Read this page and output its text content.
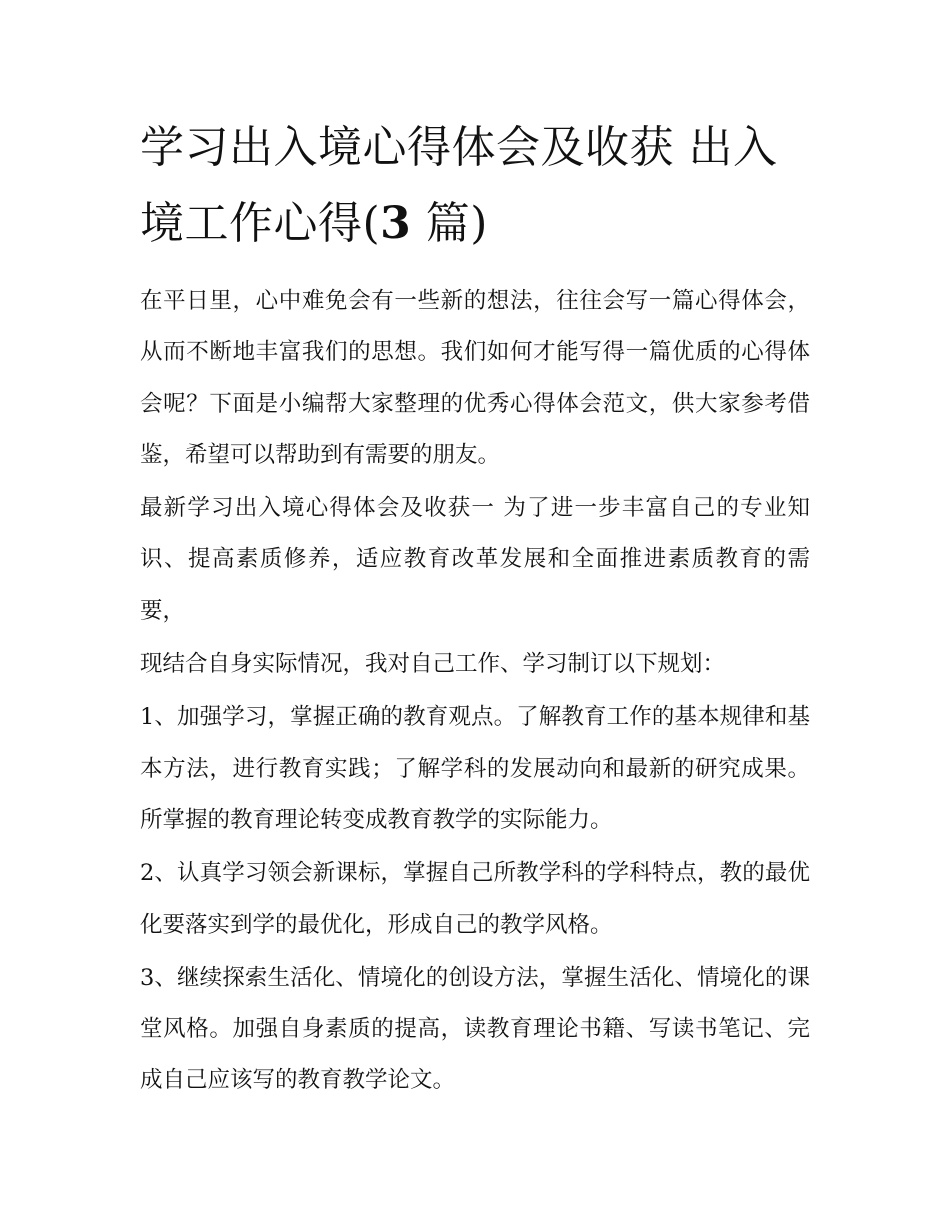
学习出入境心得体会及收获 出入境工作心得(3 篇)

在平日里，心中难免会有一些新的想法，往往会写一篇心得体会，从而不断地丰富我们的思想。我们如何才能写得一篇优质的心得体会呢？下面是小编帮大家整理的优秀心得体会范文，供大家参考借鉴，希望可以帮助到有需要的朋友。

最新学习出入境心得体会及收获一 为了进一步丰富自己的专业知识、提高素质修养，适应教育改革发展和全面推进素质教育的需要，

现结合自身实际情况，我对自己工作、学习制订以下规划：

1、加强学习，掌握正确的教育观点。了解教育工作的基本规律和基本方法，进行教育实践；了解学科的发展动向和最新的研究成果。所掌握的教育理论转变成教育教学的实际能力。

2、认真学习领会新课标，掌握自己所教学科的学科特点，教的最优化要落实到学的最优化，形成自己的教学风格。

3、继续探索生活化、情境化的创设方法，掌握生活化、情境化的课堂风格。加强自身素质的提高，读教育理论书籍、写读书笔记、完成自己应该写的教育教学论文。
